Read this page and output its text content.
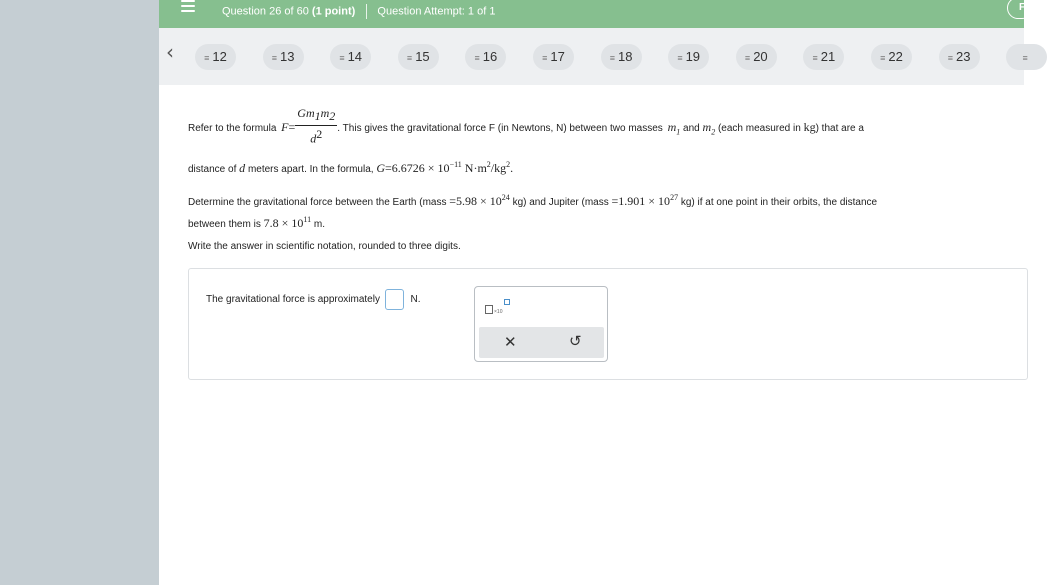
Question 26 of 60 (1 point) Question Attempt: 1 of 1	F
‹	≡ 12	≡ 13	≡ 14	≡ 15	≡ 16	≡ 17	≡ 18	≡ 19	≡ 20	≡ 21	≡ 22	≡ 23	≡
Refer to the formula $F= \frac{Gm_1m_2}{d^2}$ . This gives the gravitational force F (in Newtons, N) between two masses $m_1$ and $m_2$ (each measured in kg) that are a
distance of d meters apart. In the formula, $G=6.6726 \times 10^{-11}$ $N\cdot m^2/kg^2$.
Determine the gravitational force between the Earth (mass $=5.98 \times 10^{24}$ kg) and Jupiter (mass $=1.901 \times 10^{27}$ kg) if at one point in their orbits, the distance
between them is $7.8 \times 10^{11}$ m.
Write the answer in scientific notation, rounded to three digits.
The gravitational force is approximately	N.
×10
✕	↺
